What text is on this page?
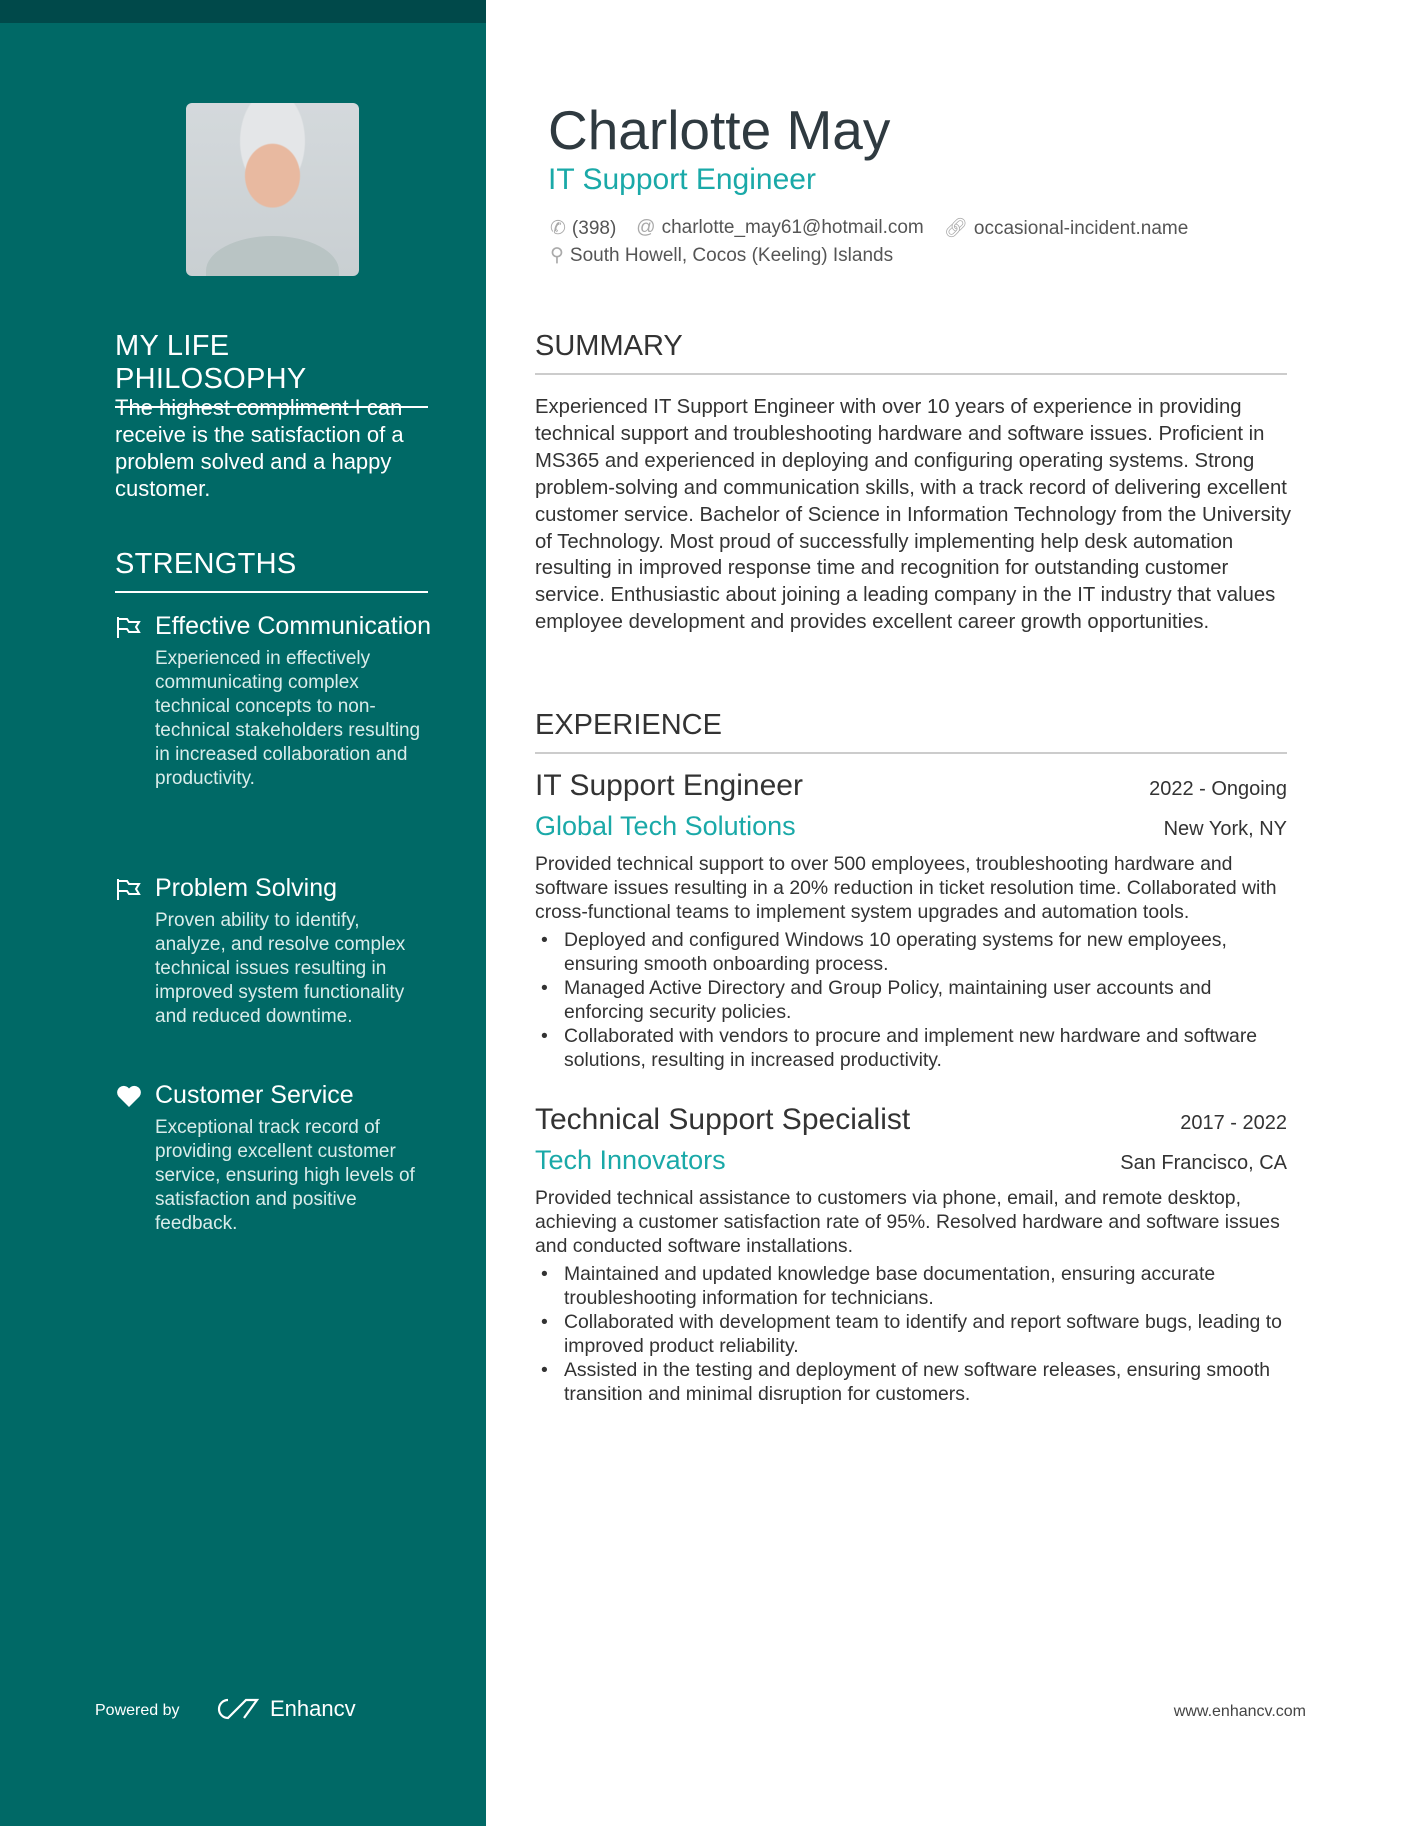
MY LIFE PHILOSOPHY
The highest compliment I can receive is the satisfaction of a problem solved and a happy customer.
STRENGTHS
Effective Communication
Experienced in effectively communicating complex technical concepts to non-technical stakeholders resulting in increased collaboration and productivity.
Problem Solving
Proven ability to identify, analyze, and resolve complex technical issues resulting in improved system functionality and reduced downtime.
Customer Service
Exceptional track record of providing excellent customer service, ensuring high levels of satisfaction and positive feedback.
Powered by	Enhancv	www.enhancv.com
Charlotte May
IT Support Engineer
✆ (398) @ charlotte_may61@hotmail.com 🔗︎ occasional-incident.name
⚲ South Howell, Cocos (Keeling) Islands
SUMMARY
Experienced IT Support Engineer with over 10 years of experience in providing technical support and troubleshooting hardware and software issues. Proficient in MS365 and experienced in deploying and configuring operating systems. Strong problem-solving and communication skills, with a track record of delivering excellent customer service. Bachelor of Science in Information Technology from the University of Technology. Most proud of successfully implementing help desk automation resulting in improved response time and recognition for outstanding customer service. Enthusiastic about joining a leading company in the IT industry that values employee development and provides excellent career growth opportunities.
EXPERIENCE
IT Support Engineer	2022 - Ongoing
Global Tech Solutions	New York, NY
Provided technical support to over 500 employees, troubleshooting hardware and software issues resulting in a 20% reduction in ticket resolution time. Collaborated with cross-functional teams to implement system upgrades and automation tools.
• Deployed and configured Windows 10 operating systems for new employees, ensuring smooth onboarding process.
• Managed Active Directory and Group Policy, maintaining user accounts and enforcing security policies.
• Collaborated with vendors to procure and implement new hardware and software solutions, resulting in increased productivity.
Technical Support Specialist	2017 - 2022
Tech Innovators	San Francisco, CA
Provided technical assistance to customers via phone, email, and remote desktop, achieving a customer satisfaction rate of 95%. Resolved hardware and software issues and conducted software installations.
• Maintained and updated knowledge base documentation, ensuring accurate troubleshooting information for technicians.
• Collaborated with development team to identify and report software bugs, leading to improved product reliability.
• Assisted in the testing and deployment of new software releases, ensuring smooth transition and minimal disruption for customers.
